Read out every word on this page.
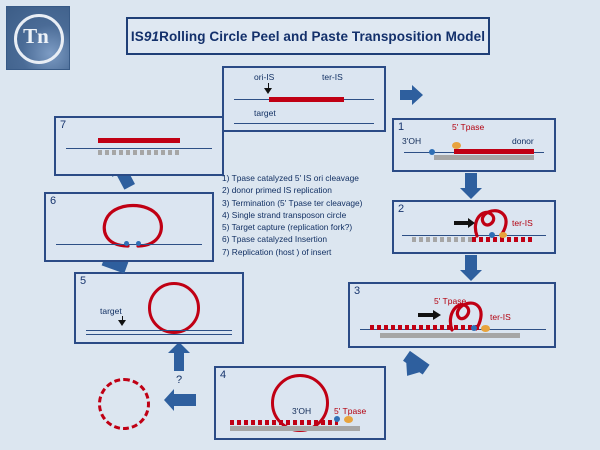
Tn	IS 91 Rolling Circle Peel and Paste Transposition Model
ori-IS	ter-IS
target
1
3'OH
5' Tpase
donor
2
ter-IS
3
5' Tpase
ter-IS
4
3'OH	5' Tpase
?
5
target
6
7
1) Tpase catalyzed 5' IS ori cleavage
2) donor primed IS replication
3) Termination (5' Tpase ter cleavage)
4) Single strand transposon circle
5) Target capture (replication fork?)
6) Tpase catalyzed Insertion
7) Replication (host ) of insert
